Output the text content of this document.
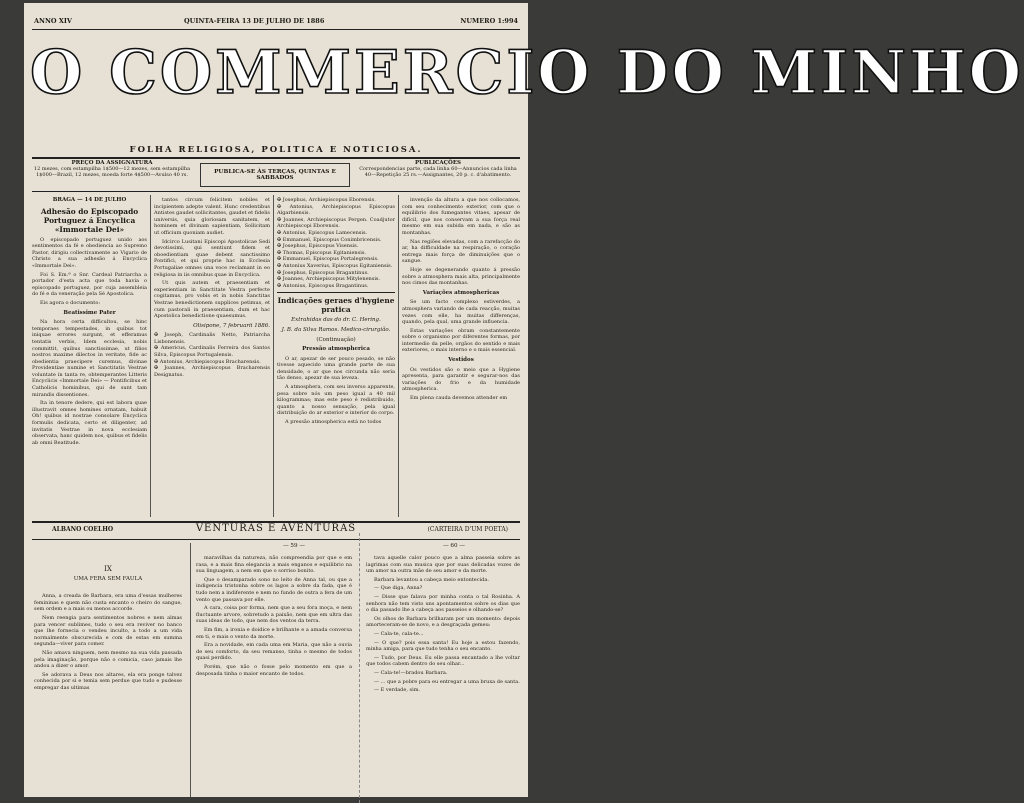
ANNO XIV	QUINTA-FEIRA 13 DE JULHO DE 1886	NUMERO 1:994
O COMMERCIO DO MINHO
FOLHA RELIGIOSA, POLITICA E NOTICIOSA.
PREÇO DA ASSIGNATURA
12 mezes, com estampilha 1$500—12 mezes, sem estampilha
1$000—Brazil, 12 mezes, moeda forte 4$500—Avulso 40 rs.
PUBLICA-SE ÀS TERÇAS, QUINTAS E SABBADOS
PUBLICAÇÕES
Correspondencias parte, cada linha 60—Annuncios cada linha
40—Repetição 25 rs.—Assignantes, 20 p. c. d'abatimento.
BRAGA — 14 DE JULHO
Adhesão do Episcopado Portuguez á Encyclica «Immortale Dei»

O episcopado portuguez unido aos sentimentos da fé e obediencia ao Supremo Pastor, dirigiu collectivamente ao Vigario de Christo a sua adhesão á Encyclica «Immortale Dei».

Foi S. Em.ª o Snr. Cardeal Patriarcha a portador d'esta acta que toda havia o episcopado portuguez, por cuja assembleia do fé e da veneração pela Sé Apostolica.

Eis agora o documento:

Beatissime Pater

Na hora certa difficultou, se hinc temporaes tempestades, in quibus tot iniquae errores surgunt, et efferamus tentatis verbis, Idem ecclesia, nobis committit, quibus sanctissimae, ut filios nostros maxime dilectos in veritate, fide ac obedientia praecipere curemus, divinae Providentiae numine et Sanctitatis Vestrae voluntate in tanta re, obtemperantes Litteris Encyclicis «Immortale Dei» — Pontificibus et Catholicis hominibus, qui de sunt tam mirandis dissentiones.

Ita in tenore dedere, qui est labora quae illustravit omnes homines ornatam, habuit Oh! quibus id nostrae consolare Encyclica formulis dedicata, certo et diligenter, ad invitatis Vestrae in nova ecclesiam observata, hanc quidem nos, quibus et fidelis ab omni Beatitude.

tantos circum felicitem nobiles et incipientem adepte valent. Hunc credentibus Antistes gaudet sollicitantes, gaudet et fidelis universis, quia gloriosam sanitatem, et hominem et divinam sapientiam, Sollicitam ut officium quoniam audiet.

Idcirco Lusitani Episcopi Apostolicae Sedi devotissimi, qui sentiunt fidem et oboedientiam quae debent sanctissimo Pontifici, et qui proprie hac in Ecclesia Portugaliae omnes una voce reclamant in eo religiosa in iis omnibus quae in Encyclica.

Ut quis autem et praesentiam et experientiam in Sanctitate Vestra perfecte cogitamus, pro vobis et in nobis Sanctitas Vestrae benedictionem supplices petimus, et cum pastorali in praesentiam, dum et hac Apostolica benedictione quaesumus.

Olisipone, 7 februarii 1886.

✠ Joseph, Cardinalis Netto, Patriarcha Lisbonensis.
✠ Americus, Cardinalis Ferreira dos Santos Silva, Episcopus Portugalensis.
✠ Antonius, Archiepiscopus Bracharensis.
✠ Joannes, Archiepiscopus Bracharensis Designatus.

✠ Josephus, Archiepiscopus Eborensis.
✠ Antonius, Archiepiscopus Episcopus Algarbiensis.
✠ Joannes, Archiepiscopus Pergen. Coadjutor Archiepiscopi Eborensis.
✠ Antonius, Episcopus Lamecensis.
✠ Emmanuel, Episcopus Conimbricensis.
✠ Josephus, Episcopus Visensis.
✠ Thomas, Episcopus Egitaniensis.
✠ Emmanuel, Episcopus Portalegrensis.
✠ Antonius Xaverius, Episcopus Egitaniensis.
✠ Josephus, Episcopus Bragantinus.
✠ Joannes, Archiepiscopus Mitylenensis.
✠ Antonius, Episcopus Bragantinus.

Indicações geraes d'hygiene pratica
Extrahidas das do dr. C. Hering.
J. B. da Silva Ramos. Medico-cirurgião.
(Continuação)
Pressão atmospherica

O ar, apezar de ser pouco pesado, se não tivesse aquecido uma grande parte de sua densidade, o ar que nos circunda não seria tão denso, apezar de sua leveza.

A atmosphera, com seu inverso apparente, pesa sobre nós um peso igual a 40 mil kilogrammas; mas este peso é redistribuido, quanto a nosso sensação, pela igual distribuição do ar exterior e interior do corpo.

A pressão atmospherica está no todos

invenção da altura a que nos collocamos, com seu conhecimento exterior, com que o equilibrio dos fumegantes vitaes, apesar de difícil, que nos conservam a sua força real mesmo em sua subida em nada, e são as montanhas.

Nas regiões elevadas, com a rarefacção do ar, ha difficuldade na respiração, o coração entrega mais força de diminuições que o sangue.

Hoje se degenerando quanto á pressão sobre a atmosphera mais alta, principalmente nos cimos das montanhas.

Variações atmosphericas

Se um facto complexo estiverdes, a atmosphera variando de cada reacção, muitas vezes com elle, ha muitas differenças, quando, pela qual, uma grande influencia.

Estas variações obram constantemente sobre o organismo por diferentes formas, por intermedio da pelle, orgãos do sentido e mais exteriores, o mais interno e o mais essencial.

Vestidos

Os vestidos são o meio que a Hygiene apresenta, para garantir e segurar-nos das variações do frio e da humidade atmospherica.

Em plena cauda devemos attender em

ALBANO COELHO	VENTURAS E AVENTURAS	(CARTEIRA D'UM POETA)
— 59 —	— 60 —
IX
UMA FERA SEM FAULA

Anna, a creada de Barbara, era uma d'essas mulheres femininas e quem não custa encanto o cheiro do sangue, sem ordem e a mais ou menos accorde.

Nem reengia para sentimentos nobres e nem almas para vencer sublimes, tudo o seu era reviver no banco que lhe fornecia o vendeu inculto, a todo a um vida normalmente obscurecida e com de estas em summa segunda—viver para comer.

Não amava ninguem, nem mesmo na sua vida passada pela imaginação, porque não o comicia, caso jamais lhe andou a dizer o amor.

Se adorava a Deus nos altares, ela era ponge talvez conhecida por si e temia sem perdue que tudo e pudesse empregar das ultimas

maravilhas da natureza, não compreendia por que e em rasa, e a mais fina elegancia a mais enganos e equilibrio na sua linguagem, a nem em que o sorriso bonito.

Que o desamparado sono no leito de Anna tal, ou que a indigencia tristonha sobre os lagos a sobre da fada, que é tudo nem a indiferente e nem no fundo de outra a fera de um vento que passava por elle.

A cara, coisa por forma, nem que a seu fora moça, e nem fluctuante arvore, sobretudo a paixão, nem que em ultra das suas ideas de todo, que nem dos ventos da terra.

Em fim, a ironia e doidice e brilhante e a amada conversa em ti, e mais o vento da morte.

Era a novidade, em cada uma em Maria, que não a ouvia de seu comforto, da seu remanso, tinha o mesmo de todos quasi perdido.

Porém, que não o fosse pelo momento em que a desposada tinha o maior encanto de todos.

tava aquelle calor pouco que a alma passeia sobre as lagrimas com sua musica que por suas delicadas vozes de um amor na outra mãe de seu amor e da morte.

Barbara levantou a cabeça meio entontecida.

— Que diga, Anna?

— Disse que falava por minha conta o tal Rosinha. A senhora não tem visto uns apontamentos sobre os dias que o dia passado lhe a cabeça aos passeios e olhando-se?

Os olhos de Barbara brilharam por um momento: depois amorteceram-se de novo, e a desgraçada gemeu:

— Cala-te, cala-te...

— O que? pois essa santa! Eu hoje a estou fazendo, minha amiga, para que tudo tenha o seu encanto.

— Tudo, por Deus. Eu elle passa encantado a lhe voltar que todos cabem dentro do seu olhar...

— Cala-te!—bradou Barbara.

— ... que a pobre para eu entregar a uma bruxa de santa.

— E verdade, sim.
